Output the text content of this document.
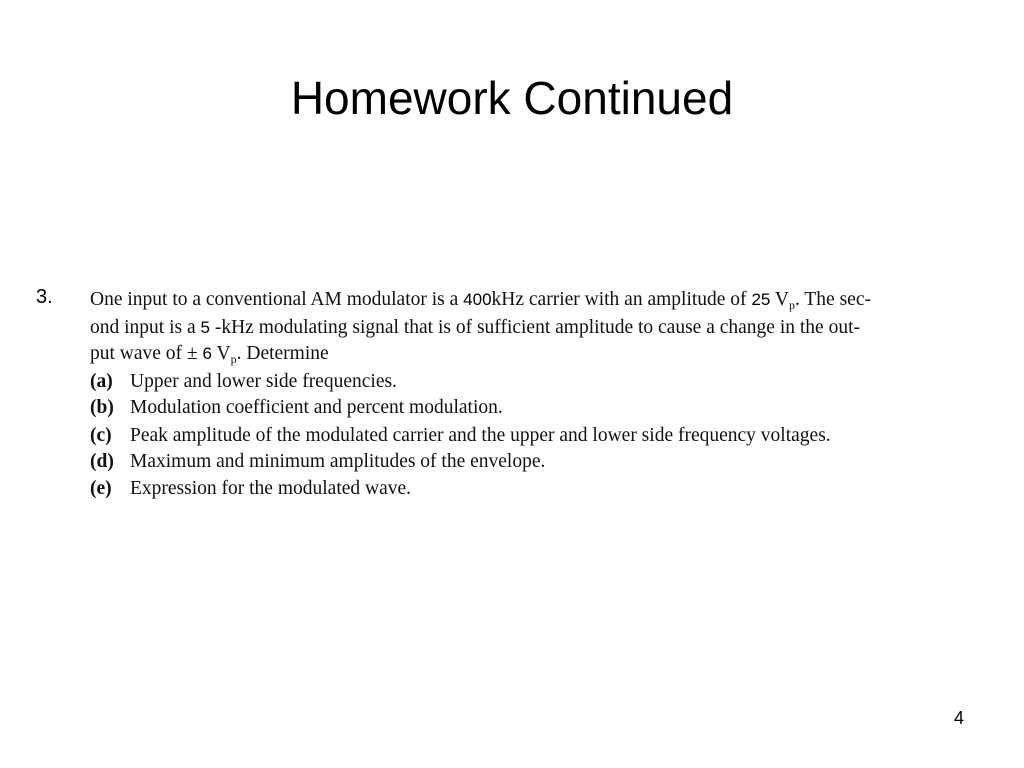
Homework Continued
3. One input to a conventional AM modulator is a 400kHz carrier with an amplitude of 25 $V_p$. The sec-
ond input is a 5 -kHz modulating signal that is of sufficient amplitude to cause a change in the out-
put wave of ± 6 $V_p$. Determine
(a) Upper and lower side frequencies.
(b) Modulation coefficient and percent modulation.
(c) Peak amplitude of the modulated carrier and the upper and lower side frequency voltages.
(d) Maximum and minimum amplitudes of the envelope.
(e) Expression for the modulated wave.
4
